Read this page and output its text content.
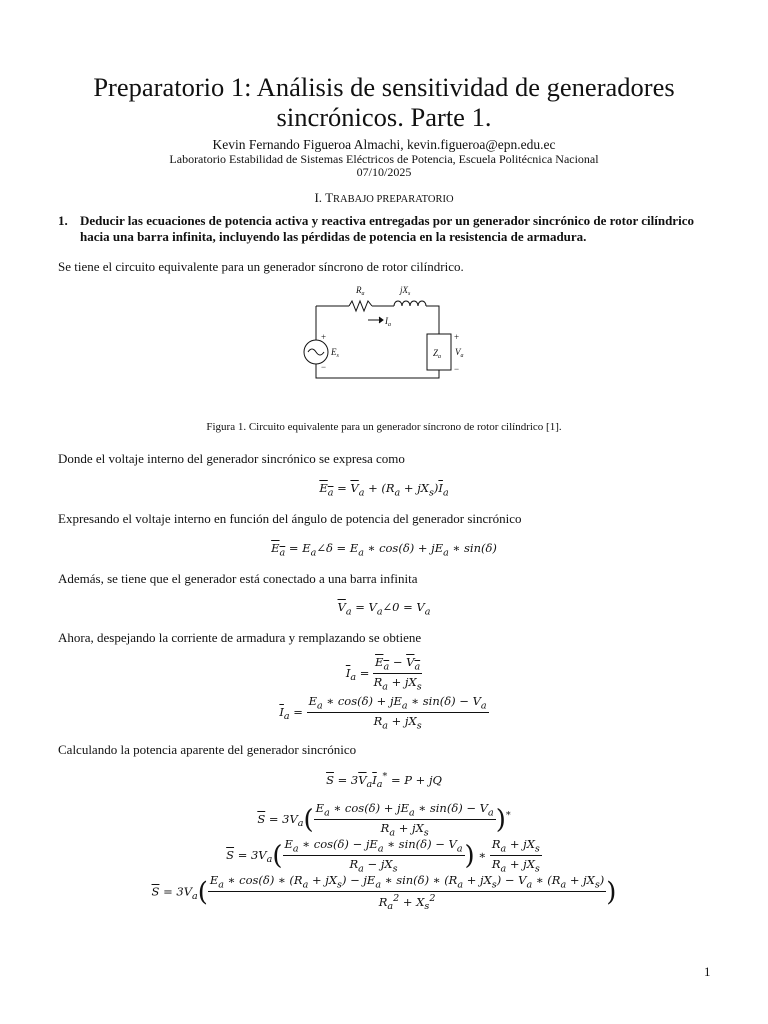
Preparatorio 1: Análisis de sensitividad de generadores sincrónicos. Parte 1.
Kevin Fernando Figueroa Almachi, kevin.figueroa@epn.edu.ec
Laboratorio Estabilidad de Sistemas Eléctricos de Potencia, Escuela Politécnica Nacional
07/10/2025
I. TRABAJO PREPARATORIO
1. Deducir las ecuaciones de potencia activa y reactiva entregadas por un generador sincrónico de rotor cilíndrico hacia una barra infinita, incluyendo las pérdidas de potencia en la resistencia de armadura.
Se tiene el circuito equivalente para un generador síncrono de rotor cilíndrico.
$R_a$	$jX_s$
$I_a$
$E_s$	$Z_a$ $V_a$
+
−
+
−
Figura 1. Circuito equivalente para un generador síncrono de rotor cilíndrico [1].
Donde el voltaje interno del generador sincrónico se expresa como
$E_a = \overline{V}_a + (R_a + jX_s)\overline{I}_a$
Expresando el voltaje interno en función del ángulo de potencia del generador sincrónico
$E_a$ = $E_a\angle\delta = E_a$ ∗ $\cos(\delta) + jE_a$ ∗ sin(δ)
Además, se tiene que el generador está conectado a una barra infinita
$\overline{V}_a$ = $V_a\angle 0 = V_a$
Ahora, despejando la corriente de armadura y remplazando se obtiene
$\overline{I}_a = \frac{E_a - V_a}{R_a + jX_s}$
$\overline{I}_a = \frac{E_a ∗ \cos(\delta) + jE_a ∗ \sin(\delta) - V_a}{R_a + jX_s}$
Calculando la potencia aparente del generador sincrónico
$\overline{S} = 3\overline{V}_a\overline{I}_a^* = P$ + jQ
$\overline{S} = 3V_a( \frac{E_a ∗ \cos(\delta) + jE_a ∗ \sin(\delta) - V_a}{R_a + jX_s} )^*$
$\overline{S} = 3V_a( \frac{E_a ∗ \cos(\delta) - jE_a ∗ \sin(\delta) - V_a}{R_a - jX_s}$ ) ∗ $\frac{R_a + jX_s}{R_a + jX_s}$
$\overline{S} = 3V_a$( $E_a$ ∗ cos(δ) ∗ $(R_a + jX_s) - jE_a$ ∗ sin(δ) ∗ $(R_a + jX_s) - V_a$ ∗ $(R_a + jX_s)$
$R_a^2 + X_s^2$	)
1
